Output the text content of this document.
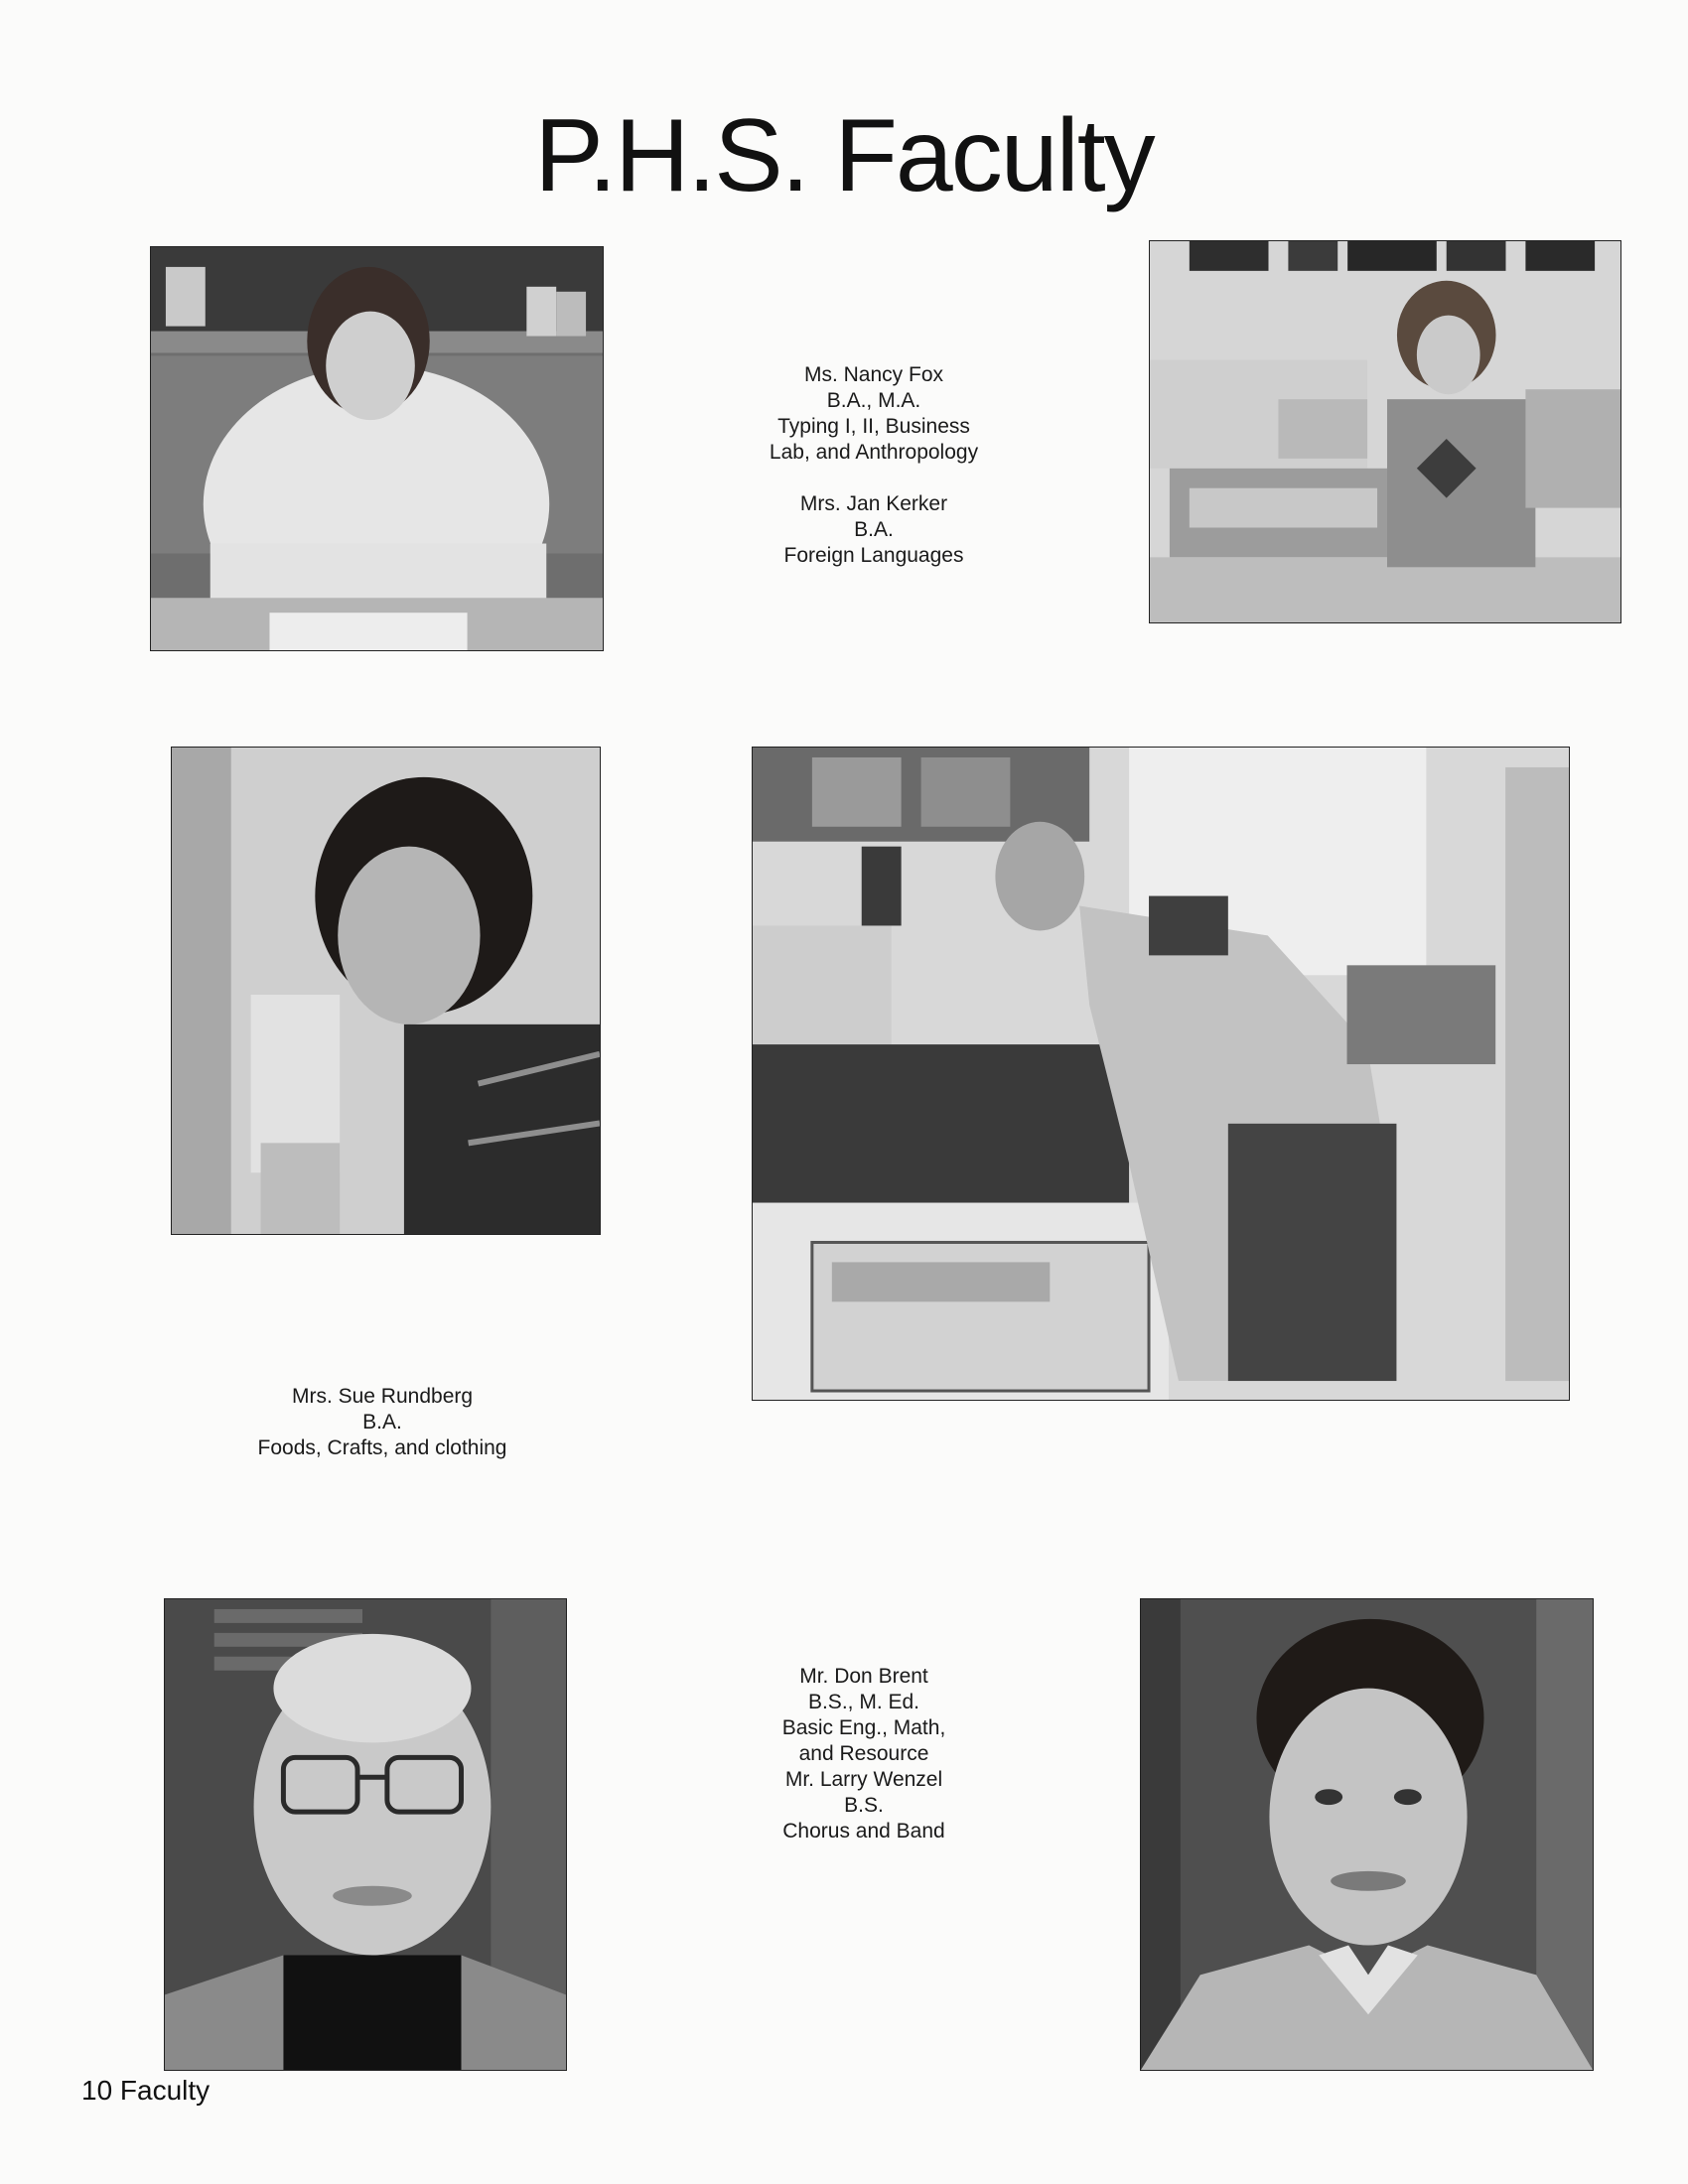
P.H.S. Faculty
Ms. Nancy Fox
B.A., M.A.
Typing I, II, Business
Lab, and Anthropology
Mrs. Jan Kerker
B.A.
Foreign Languages
Mrs. Sue Rundberg
B.A.
Foods, Crafts, and clothing
Mr. Don Brent
B.S., M. Ed.
Basic Eng., Math,
and Resource
Mr. Larry Wenzel
B.S.
Chorus and Band
10 Faculty
